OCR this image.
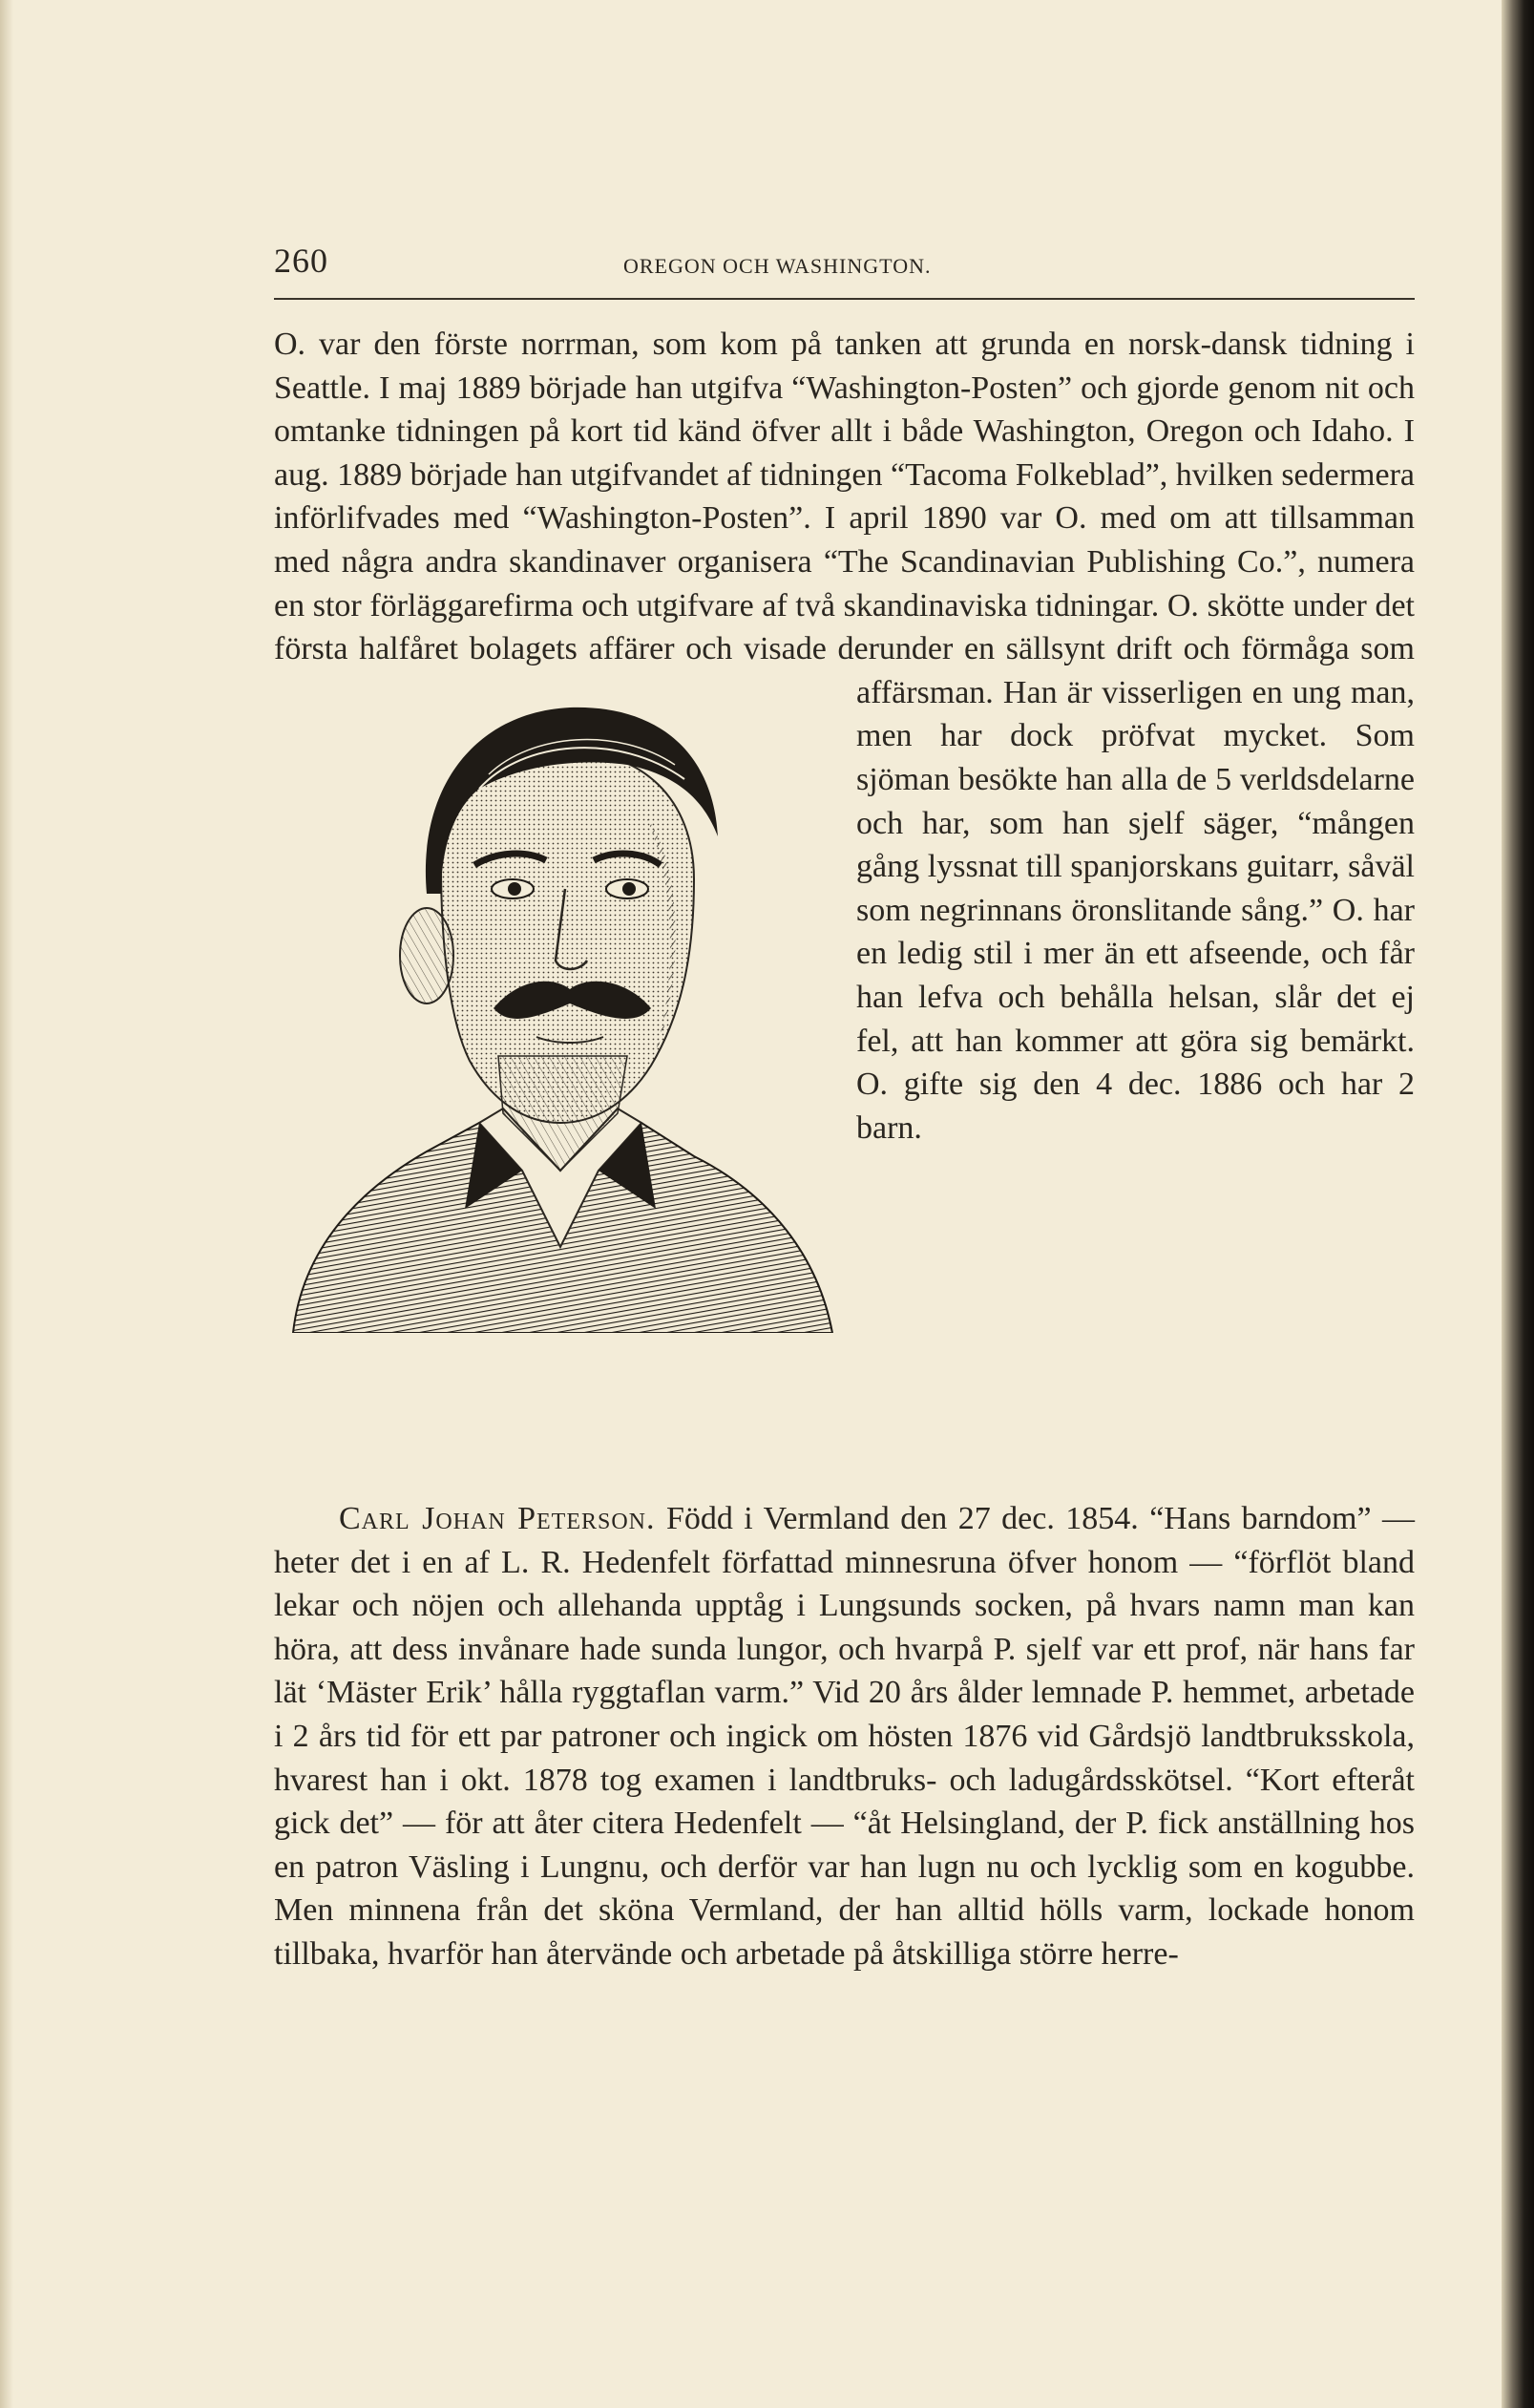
260	OREGON OCH WASHINGTON.

O. var den förste norrman, som kom på tanken att grunda en norsk-dansk tidning i Seattle. I maj 1889 började han utgifva “Washington-Posten” och gjorde genom nit och omtanke tidningen på kort tid känd öfver allt i både Washington, Oregon och Idaho. I aug. 1889 började han utgifvandet af tidningen “Tacoma Folkeblad”, hvilken sedermera införlifvades med “Washington-Posten”. I april 1890 var O. med om att tillsamman med några andra skandinaver organisera “The Scandinavian Publishing Co.”, numera en stor förläggarefirma och utgifvare af två skandinaviska tidningar. O. skötte under det första halfåret bolagets affärer och visade derunder en sällsynt drift och förmåga som affärsman. Han är visserligen en ung man, men har dock pröfvat mycket. Som sjöman besökte han alla de 5 verldsdelarne och har, som han sjelf säger, “mången gång lyssnat till spanjorskans guitarr, såväl som negrinnans öronslitande sång.” O. har en ledig stil i mer än ett afseende, och får han lefva och behålla helsan, slår det ej fel, att han kommer att göra sig bemärkt. O. gifte sig den 4 dec. 1886 och har 2 barn.

Carl Johan Peterson. Född i Vermland den 27 dec. 1854. “Hans barndom” — heter det i en af L. R. Hedenfelt författad minnesruna öfver honom — “förflöt bland lekar och nöjen och allehanda upptåg i Lungsunds socken, på hvars namn man kan höra, att dess invånare hade sunda lungor, och hvarpå P. sjelf var ett prof, när hans far lät ‘Mäster Erik’ hålla ryggtaflan varm.” Vid 20 års ålder lemnade P. hemmet, arbetade i 2 års tid för ett par patroner och ingick om hösten 1876 vid Gårdsjö landtbruksskola, hvarest han i okt. 1878 tog examen i landtbruks- och ladugårdsskötsel. “Kort efteråt gick det” — för att åter citera Hedenfelt — “åt Helsingland, der P. fick anställning hos en patron Väsling i Lungnu, och derför var han lugn nu och lycklig som en kogubbe. Men minnena från det sköna Vermland, der han alltid hölls varm, lockade honom tillbaka, hvarför han återvände och arbetade på åtskilliga större herre-
